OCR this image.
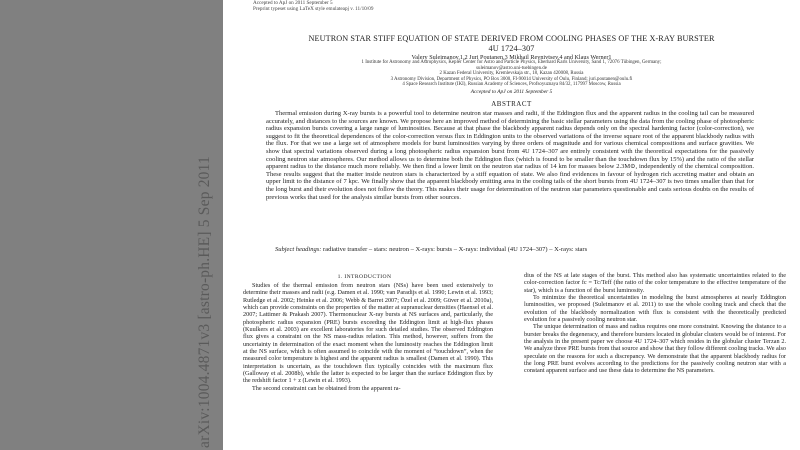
arXiv:1004.4871v3 [astro-ph.HE] 5 Sep 2011
Accepted to ApJ on 2011 September 5
Preprint typeset using LaTeX style emulateapj v. 11/10/09
NEUTRON STAR STIFF EQUATION OF STATE DERIVED FROM COOLING PHASES OF THE X-RAY BURSTER
4U 1724–307
Valery Suleimanov,1,2 Juri Poutanen,3 Mikhail Revnivtsev,4 and Klaus Werner1
1 Institute for Astronomy and Astrophysics, Kepler Center for Astro and Particle Physics, Eberhard Karls University, Sand 1, 72076 Tübingen, Germany;
suleimanov@astro.uni-tuebingen.de
2 Kazan Federal University, Kremlevskaja str., 18, Kazan 420008, Russia
3 Astronomy Division, Department of Physics, PO Box 3000, FI-90014 University of Oulu, Finland; juri.poutanen@oulu.fi
4 Space Research Institute (IKI), Russian Academy of Sciences, Profsoyuznaya 84/32, 117997 Moscow, Russia
Accepted to ApJ on 2011 September 5
ABSTRACT

Thermal emission during X-ray bursts is a powerful tool to determine neutron star masses and radii, if the Eddington flux and the apparent radius in the cooling tail can be measured accurately, and distances to the sources are known. We propose here an improved method of determining the basic stellar parameters using the data from the cooling phase of photospheric radius expansion bursts covering a large range of luminosities. Because at that phase the blackbody apparent radius depends only on the spectral hardening factor (color-correction), we suggest to fit the theoretical dependences of the color-correction versus flux in Eddington units to the observed variations of the inverse square root of the apparent blackbody radius with the flux. For that we use a large set of atmosphere models for burst luminosities varying by three orders of magnitude and for various chemical compositions and surface gravities. We show that spectral variations observed during a long photospheric radius expansion burst from 4U 1724–307 are entirely consistent with the theoretical expectations for the passively cooling neutron star atmospheres. Our method allows us to determine both the Eddington flux (which is found to be smaller than the touchdown flux by 15%) and the ratio of the stellar apparent radius to the distance much more reliably. We then find a lower limit on the neutron star radius of 14 km for masses below 2.3M⊙, independently of the chemical composition. These results suggest that the matter inside neutron stars is characterized by a stiff equation of state. We also find evidences in favour of hydrogen rich accreting matter and obtain an upper limit to the distance of 7 kpc. We finally show that the apparent blackbody emitting area in the cooling tails of the short bursts from 4U 1724–307 is two times smaller than that for the long burst and their evolution does not follow the theory. This makes their usage for determination of the neutron star parameters questionable and casts serious doubts on the results of previous works that used for the analysis similar bursts from other sources.

Subject headings: radiative transfer – stars: neutron – X-rays: bursts – X-rays: individual (4U 1724–307) – X-rays: stars

1. INTRODUCTION

Studies of the thermal emission from neutron stars (NSs) have been used extensively to determine their masses and radii (e.g. Damen et al. 1990; van Paradijs et al. 1990; Lewin et al. 1993; Rutledge et al. 2002; Heinke et al. 2006; Webb & Barret 2007; Özel et al. 2009; Güver et al. 2010a), which can provide constraints on the properties of the matter at supranuclear densities (Haensel et al. 2007; Lattimer & Prakash 2007). Thermonuclear X-ray bursts at NS surfaces and, particularly, the photospheric radius expansion (PRE) bursts exceeding the Eddington limit at high-flux phases (Kuulkers et al. 2003) are excellent laboratories for such detailed studies. The observed Eddington flux gives a constraint on the NS mass-radius relation. This method, however, suffers from the uncertainty in determination of the exact moment when the luminosity reaches the Eddington limit at the NS surface, which is often assumed to coincide with the moment of “touchdown”, when the measured color temperature is highest and the apparent radius is smallest (Damen et al. 1990). This interpretation is uncertain, as the touchdown flux typically coincides with the maximum flux (Galloway et al. 2008b), while the latter is expected to be larger than the surface Eddington flux by the redshift factor 1 + z (Lewin et al. 1993).

The second constraint can be obtained from the apparent ra-

dius of the NS at late stages of the burst. This method also has systematic uncertainties related to the color-correction factor fc = Tc/Teff (the ratio of the color temperature to the effective temperature of the star), which is a function of the burst luminosity.

To minimize the theoretical uncertainties in modeling the burst atmospheres at nearly Eddington luminosities, we proposed (Suleimanov et al. 2011) to use the whole cooling track and check that the evolution of the blackbody normalization with flux is consistent with the theoretically predicted evolution for a passively cooling neutron star.

The unique determination of mass and radius requires one more constraint. Knowing the distance to a burster breaks the degeneracy, and therefore bursters located in globular clusters would be of interest. For the analysis in the present paper we choose 4U 1724–307 which resides in the globular cluster Terzan 2. We analyze three PRE bursts from that source and show that they follow different cooling tracks. We also speculate on the reasons for such a discrepancy. We demonstrate that the apparent blackbody radius for the long PRE burst evolves according to the predictions for the passively cooling neutron star with a constant apparent surface and use these data to determine the NS parameters.
